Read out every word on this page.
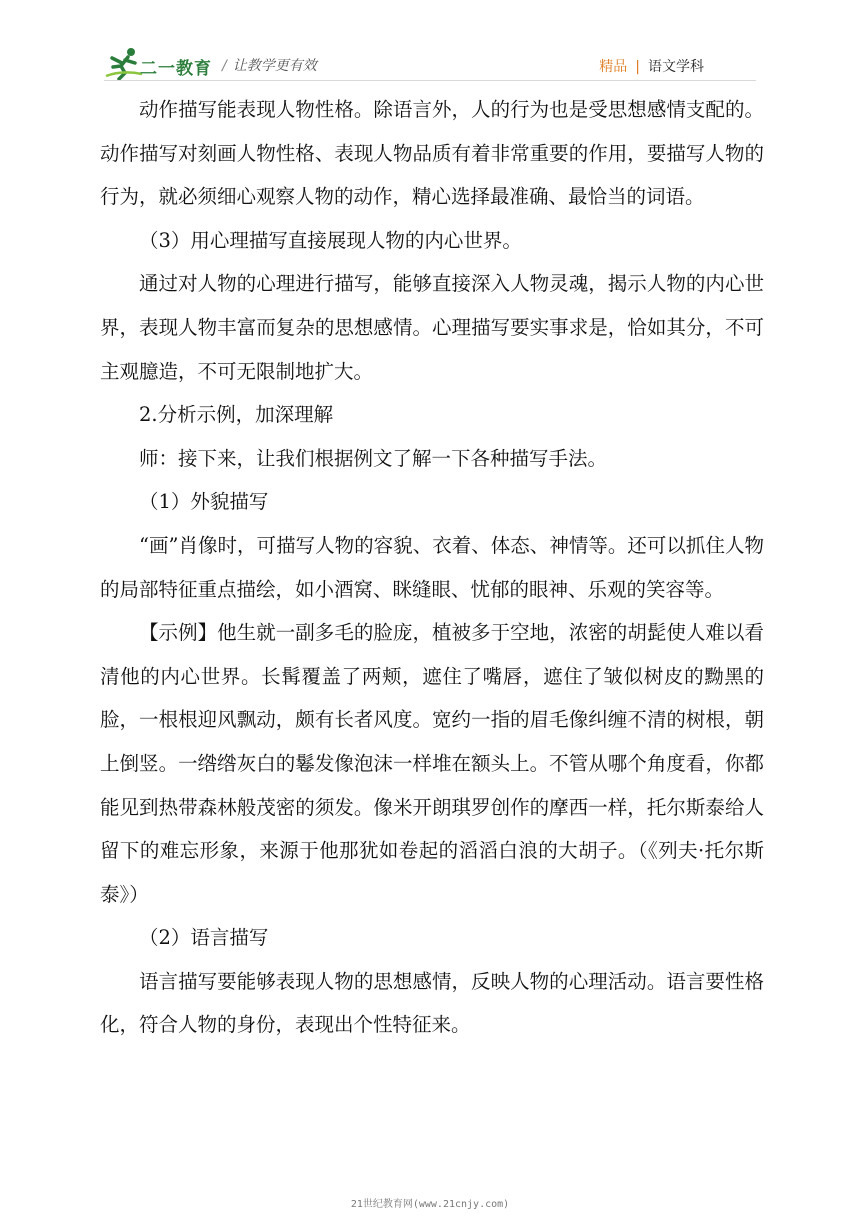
二一教育 / 让教学更有效	精品 | 语文学科

动作描写能表现人物性格。除语言外，人的行为也是受思想感情支配的。动作描写对刻画人物性格、表现人物品质有着非常重要的作用，要描写人物的行为，就必须细心观察人物的动作，精心选择最准确、最恰当的词语。

（3）用心理描写直接展现人物的内心世界。

通过对人物的心理进行描写，能够直接深入人物灵魂，揭示人物的内心世界，表现人物丰富而复杂的思想感情。心理描写要实事求是，恰如其分，不可主观臆造，不可无限制地扩大。

2.分析示例，加深理解

师：接下来，让我们根据例文了解一下各种描写手法。

（1）外貌描写

“画”肖像时，可描写人物的容貌、衣着、体态、神情等。还可以抓住人物的局部特征重点描绘，如小酒窝、眯缝眼、忧郁的眼神、乐观的笑容等。

【示例】他生就一副多毛的脸庞，植被多于空地，浓密的胡髭使人难以看清他的内心世界。长髯覆盖了两颊，遮住了嘴唇，遮住了皱似树皮的黝黑的脸，一根根迎风飘动，颇有长者风度。宽约一指的眉毛像纠缠不清的树根，朝上倒竖。一绺绺灰白的鬈发像泡沫一样堆在额头上。不管从哪个角度看，你都能见到热带森林般茂密的须发。像米开朗琪罗创作的摩西一样，托尔斯泰给人留下的难忘形象，来源于他那犹如卷起的滔滔白浪的大胡子。（《列夫·托尔斯泰》）

（2）语言描写

语言描写要能够表现人物的思想感情，反映人物的心理活动。语言要性格化，符合人物的身份，表现出个性特征来。

21世纪教育网(www.21cnjy.com)
